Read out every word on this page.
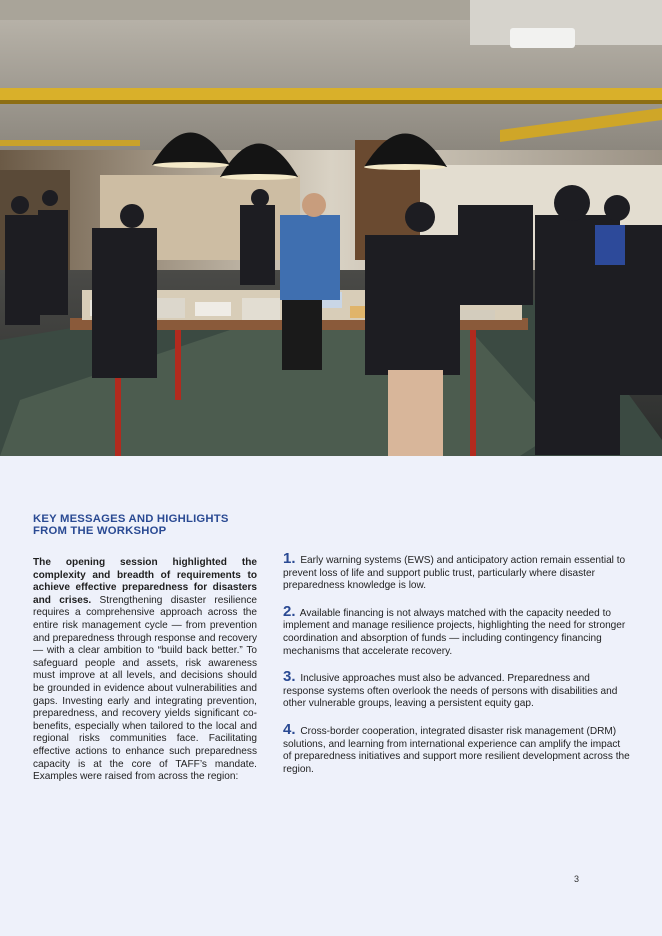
KEY MESSAGES AND HIGHLIGHTS
FROM THE WORKSHOP

The opening session highlighted the complexity and breadth of requirements to achieve effective preparedness for disasters and crises. Strengthening disaster resilience requires a comprehensive approach across the entire risk management cycle — from prevention and preparedness through response and recovery — with a clear ambition to “build back better.” To safeguard people and assets, risk awareness must improve at all levels, and decisions should be grounded in evidence about vulnerabilities and gaps. Investing early and integrating prevention, preparedness, and recovery yields significant co-benefits, especially when tailored to the local and regional risks communities face. Facilitating effective actions to enhance such preparedness capacity is at the core of TAFF’s mandate. Examples were raised from across the region:

1. Early warning systems (EWS) and anticipatory action remain essential to prevent loss of life and support public trust, particularly where disaster preparedness knowledge is low.
2. Available financing is not always matched with the capacity needed to implement and manage resilience projects, highlighting the need for stronger coordination and absorption of funds — including contingency financing mechanisms that accelerate recovery.
3. Inclusive approaches must also be advanced. Preparedness and response systems often overlook the needs of persons with disabilities and other vulnerable groups, leaving a persistent equity gap.
4. Cross-border cooperation, integrated disaster risk management (DRM) solutions, and learning from international experience can amplify the impact of preparedness initiatives and support more resilient development across the region.
3
